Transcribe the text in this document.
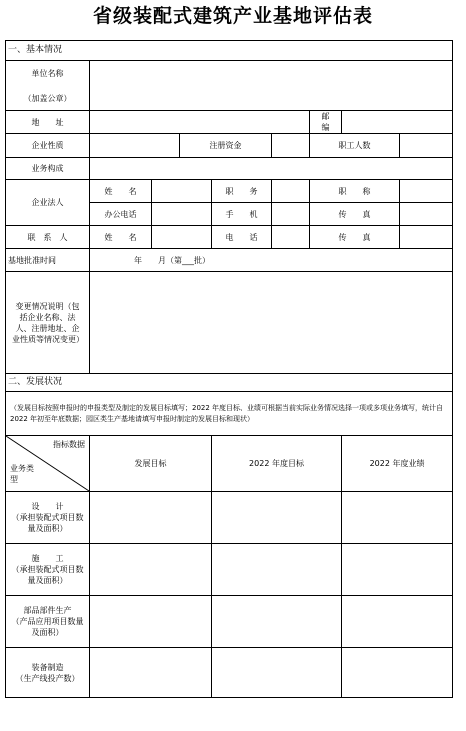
省级装配式建筑产业基地评估表
一、基本情况								

单位名称
（加盖公章）								

地　　址						邮　　编		
企业性质			注册资金			职工人数		
业务构成								
企业法人	姓　　名			职　　务		职　　称		
	办公电话			手　　机		传　　真		
联　系　人	姓　　名			电　　话		传　　真		
基地批准时间	年　　月（第___批）							
变更情况说明（包括企业名称、法人、注册地址、企业性质等情况变更）								
二、发展状况								
（发展目标按照申报时的申报类型及制定的发展目标填写；2022 年度目标、业绩可根据当前实际业务情况选择一项或多项业务填写，统计自 2022 年初至年底数据；园区类生产基地请填写申报时制定的发展目标和现状）								

指标数据
业务类型	发展目标			2022 年度目标			2022 年度业绩	

设　　计
（承担装配式项目数量及面积）								

施　　工
（承担装配式项目数量及面积）								

部品部件生产
（产品应用项目数量及面积）								

装备制造
（生产线投产数）								
